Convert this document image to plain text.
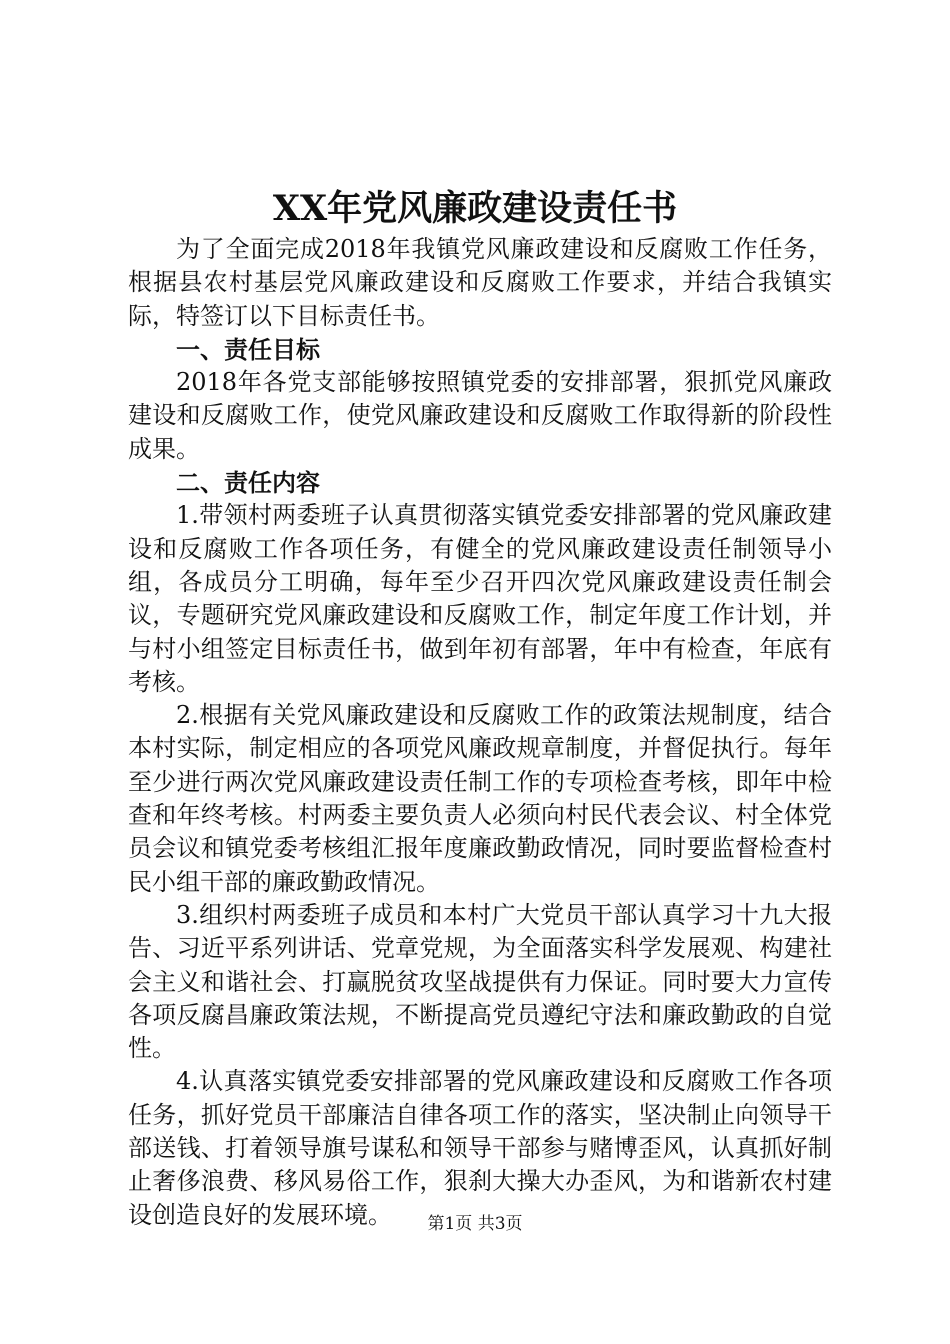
XX年党风廉政建设责任书

为了全面完成2018年我镇党风廉政建设和反腐败工作任务，根据县农村基层党风廉政建设和反腐败工作要求，并结合我镇实际，特签订以下目标责任书。

一、责任目标

2018年各党支部能够按照镇党委的安排部署，狠抓党风廉政建设和反腐败工作，使党风廉政建设和反腐败工作取得新的阶段性成果。

二、责任内容

1.带领村两委班子认真贯彻落实镇党委安排部署的党风廉政建设和反腐败工作各项任务，有健全的党风廉政建设责任制领导小组，各成员分工明确，每年至少召开四次党风廉政建设责任制会议，专题研究党风廉政建设和反腐败工作，制定年度工作计划，并与村小组签定目标责任书，做到年初有部署，年中有检查，年底有考核。

2.根据有关党风廉政建设和反腐败工作的政策法规制度，结合本村实际，制定相应的各项党风廉政规章制度，并督促执行。每年至少进行两次党风廉政建设责任制工作的专项检查考核，即年中检查和年终考核。村两委主要负责人必须向村民代表会议、村全体党员会议和镇党委考核组汇报年度廉政勤政情况，同时要监督检查村民小组干部的廉政勤政情况。

3.组织村两委班子成员和本村广大党员干部认真学习十九大报告、习近平系列讲话、党章党规，为全面落实科学发展观、构建社会主义和谐社会、打赢脱贫攻坚战提供有力保证。同时要大力宣传各项反腐昌廉政策法规，不断提高党员遵纪守法和廉政勤政的自觉性。

4.认真落实镇党委安排部署的党风廉政建设和反腐败工作各项任务，抓好党员干部廉洁自律各项工作的落实，坚决制止向领导干部送钱、打着领导旗号谋私和领导干部参与赌博歪风，认真抓好制止奢侈浪费、移风易俗工作，狠刹大操大办歪风，为和谐新农村建设创造良好的发展环境。	第1页 共3页
